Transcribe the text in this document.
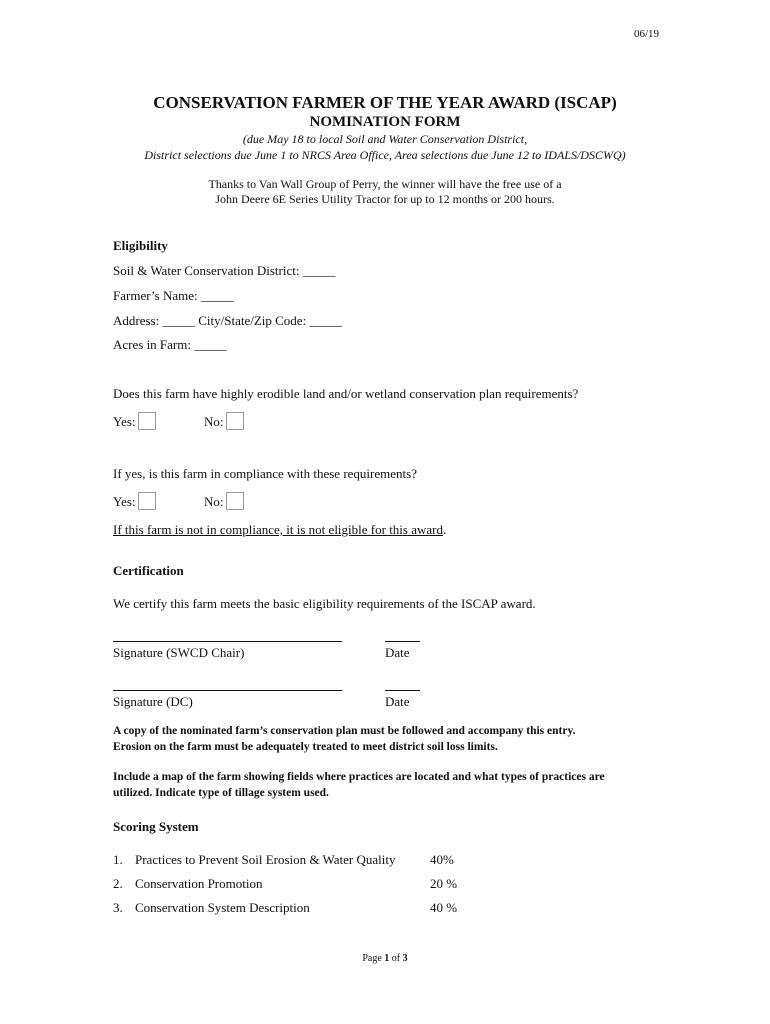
06/19
CONSERVATION FARMER OF THE YEAR AWARD (ISCAP)
NOMINATION FORM
(due May 18 to local Soil and Water Conservation District,
District selections due June 1 to NRCS Area Office, Area selections due June 12 to IDALS/DSCWQ)
Thanks to Van Wall Group of Perry, the winner will have the free use of a
John Deere 6E Series Utility Tractor for up to 12 months or 200 hours.
Eligibility
Soil & Water Conservation District: _____
Farmer’s Name: _____
Address: _____ City/State/Zip Code: _____
Acres in Farm: _____
Does this farm have highly erodible land and/or wetland conservation plan requirements?
Yes:	No:
If yes, is this farm in compliance with these requirements?
Yes:	No:
If this farm is not in compliance, it is not eligible for this award.
Certification
We certify this farm meets the basic eligibility requirements of the ISCAP award.
Signature (SWCD Chair)	Date
Signature (DC)	Date
A copy of the nominated farm’s conservation plan must be followed and accompany this entry.
Erosion on the farm must be adequately treated to meet district soil loss limits.
Include a map of the farm showing fields where practices are located and what types of practices are
utilized. Indicate type of tillage system used.
Scoring System
1. Practices to Prevent Soil Erosion & Water Quality	40%
2. Conservation Promotion	20 %
3. Conservation System Description	40 %
Page 1 of 3
